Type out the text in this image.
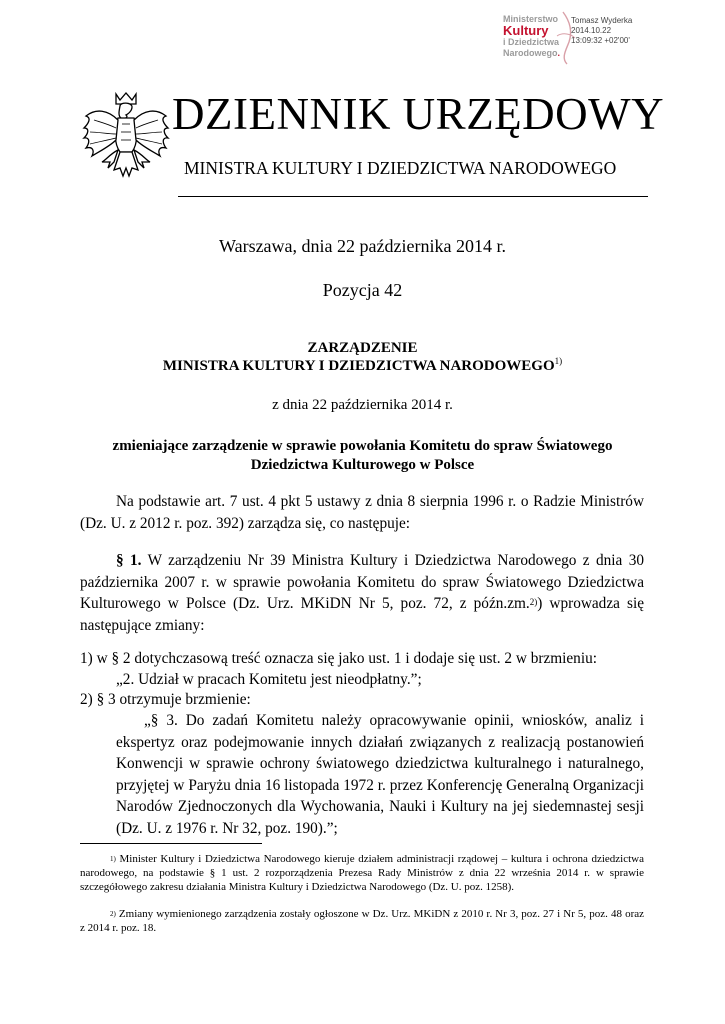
Ministerstwo
Kultury
i Dziedzictwa
Narodowego.
Tomasz Wyderka
2014.10.22
13:09:32 +02'00'
DZIENNIK URZĘDOWY
MINISTRA KULTURY I DZIEDZICTWA NARODOWEGO
Warszawa, dnia 22 października 2014 r.
Pozycja 42
ZARZĄDZENIE
MINISTRA KULTURY I DZIEDZICTWA NARODOWEGO$^{1)}$
z dnia 22 października 2014 r.
zmieniające zarządzenie w sprawie powołania Komitetu do spraw Światowego Dziedzictwa Kulturowego w Polsce
Na podstawie art. 7 ust. 4 pkt 5 ustawy z dnia 8 sierpnia 1996 r. o Radzie Ministrów (Dz. U. z 2012 r. poz. 392) zarządza się, co następuje:
§ 1. W zarządzeniu Nr 39 Ministra Kultury i Dziedzictwa Narodowego z dnia 30 października 2007 r. w sprawie powołania Komitetu do spraw Światowego Dziedzictwa Kulturowego w Polsce (Dz. Urz. MKiDN Nr 5, poz. 72, z późn.zm.$^{2)}$) wprowadza się następujące zmiany:
1) w § 2 dotychczasową treść oznacza się jako ust. 1 i dodaje się ust. 2 w brzmieniu:
„2. Udział w pracach Komitetu jest nieodpłatny.”;
2) § 3 otrzymuje brzmienie:
„§ 3. Do zadań Komitetu należy opracowywanie opinii, wniosków, analiz i ekspertyz oraz podejmowanie innych działań związanych z realizacją postanowień Konwencji w sprawie ochrony światowego dziedzictwa kulturalnego i naturalnego, przyjętej w Paryżu dnia 16 listopada 1972 r. przez Konferencję Generalną Organizacji Narodów Zjednoczonych dla Wychowania, Nauki i Kultury na jej siedemnastej sesji (Dz. U. z 1976 r. Nr 32, poz. 190).”;
$^{1)}$ Minister Kultury i Dziedzictwa Narodowego kieruje działem administracji rządowej – kultura i ochrona dziedzictwa narodowego, na podstawie § 1 ust. 2 rozporządzenia Prezesa Rady Ministrów z dnia 22 września 2014 r. w sprawie szczegółowego zakresu działania Ministra Kultury i Dziedzictwa Narodowego (Dz. U. poz. 1258).
$^{2)}$ Zmiany wymienionego zarządzenia zostały ogłoszone w Dz. Urz. MKiDN z 2010 r. Nr 3, poz. 27 i Nr 5, poz. 48 oraz z 2014 r. poz. 18.
